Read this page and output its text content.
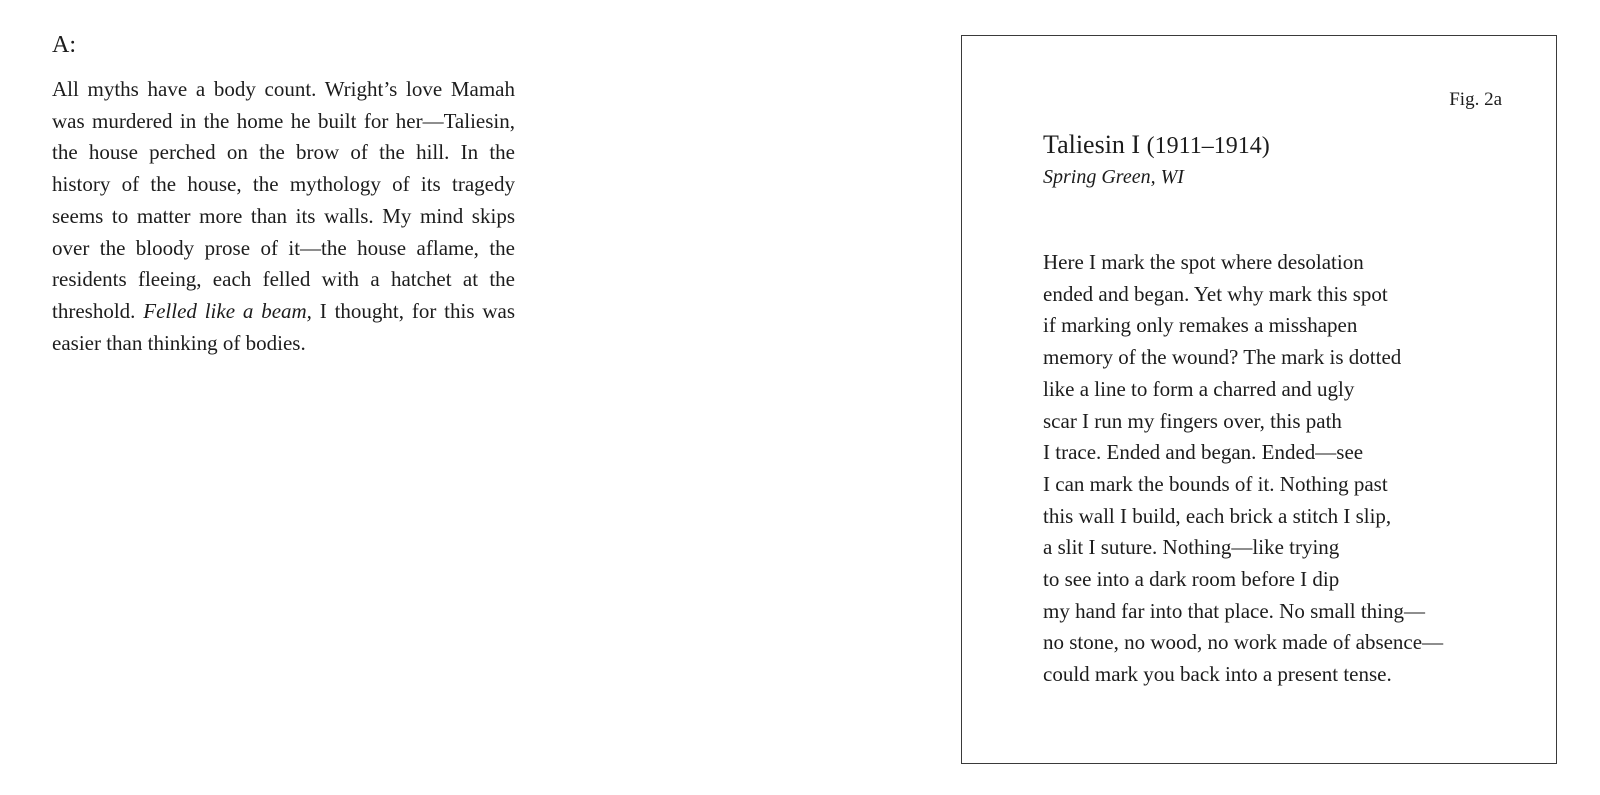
A:

All myths have a body count. Wright’s love Mamah was murdered in the home he built for her—Taliesin, the house perched on the brow of the hill. In the history of the house, the mythology of its tragedy seems to matter more than its walls. My mind skips over the bloody prose of it—the house aflame, the residents fleeing, each felled with a hatchet at the threshold. Felled like a beam, I thought, for this was easier than thinking of bodies.

Fig. 2a

Taliesin I (1911–1914)

Spring Green, WI

Here I mark the spot where desolation
ended and began. Yet why mark this spot
if marking only remakes a misshapen
memory of the wound? The mark is dotted
like a line to form a charred and ugly
scar I run my fingers over, this path
I trace. Ended and began. Ended—see
I can mark the bounds of it. Nothing past
this wall I build, each brick a stitch I slip,
a slit I suture. Nothing—like trying
to see into a dark room before I dip
my hand far into that place. No small thing—
no stone, no wood, no work made of absence—
could mark you back into a present tense.
